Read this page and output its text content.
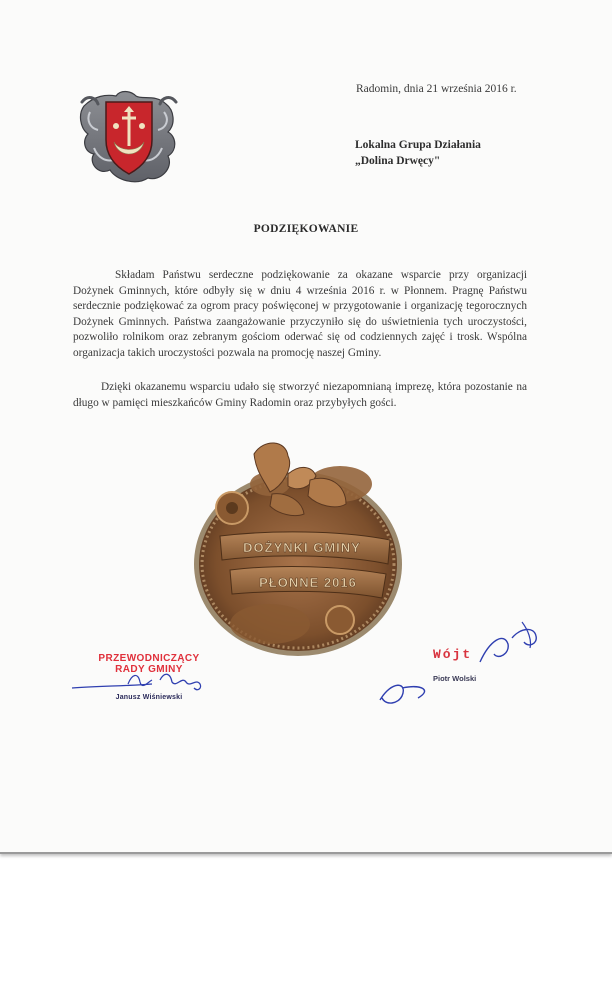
Radomin, dnia 21 września 2016 r.
Lokalna Grupa Działania
„Dolina Drwęcy"
PODZIĘKOWANIE

Składam Państwu serdeczne podziękowanie za okazane wsparcie przy organizacji Dożynek Gminnych, które odbyły się w dniu 4 września 2016 r. w Płonnem. Pragnę Państwu serdecznie podziękować za ogrom pracy poświęconej w przygotowanie i organizację tegorocznych Dożynek Gminnych. Państwa zaangażowanie przyczyniło się do uświetnienia tych uroczystości, pozwoliło rolnikom oraz zebranym gościom oderwać się od codziennych zajęć i trosk. Wspólna organizacja takich uroczystości pozwala na promocję naszej Gminy.

Dzięki okazanemu wsparciu udało się stworzyć niezapomnianą imprezę, która pozostanie na długo w pamięci mieszkańców Gminy Radomin oraz przybyłych gości.

DOŻYNKI GMINY
PŁONNE 2016
PRZEWODNICZĄCY
RADY GMINY
Janusz Wiśniewski
Wójt
Piotr Wolski
